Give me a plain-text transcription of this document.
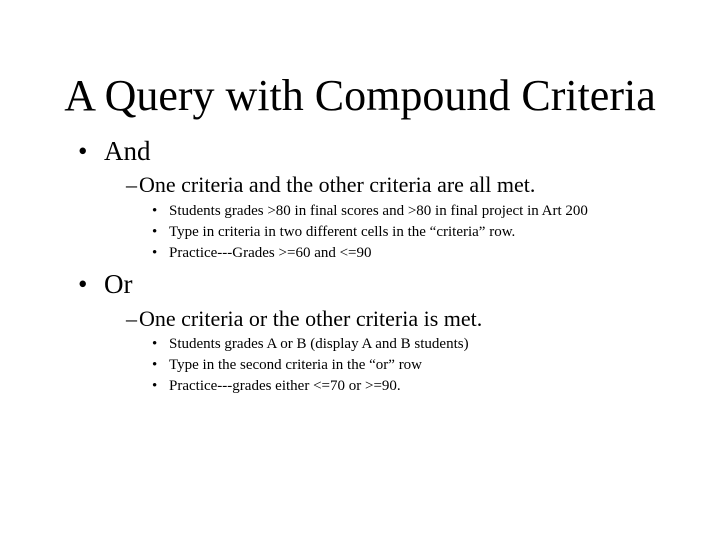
A Query with Compound Criteria
• And
– One criteria and the other criteria are all met.
• Students grades >80 in final scores and >80 in final project in Art 200
• Type in criteria in two different cells in the “criteria” row.
• Practice---Grades >=60 and <=90
• Or
– One criteria or the other criteria is met.
• Students grades A or B (display A and B students)
• Type in the second criteria in the “or” row
• Practice---grades either <=70 or >=90.
